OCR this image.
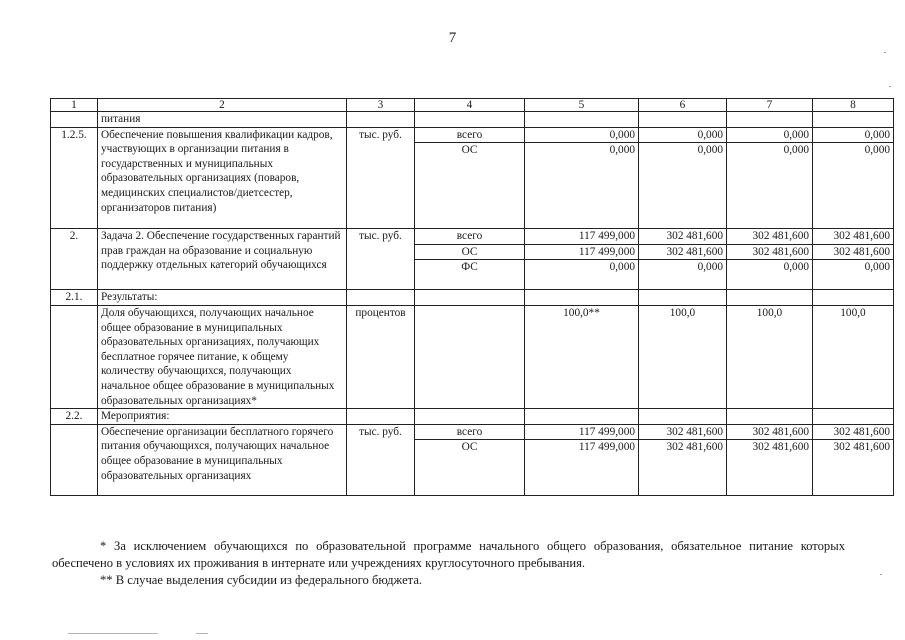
7
1	2	3	4	5	6	7	8
	питания						
1.2.5.	Обеспечение повышения квалификации кадров, участвующих в организации питания в государственных и муниципальных образовательных организациях (поваров, медицинских специалистов/диетсестер, организаторов питания)	тыс. руб.	всего	0,000	0,000	0,000	0,000
			ОС	0,000	0,000	0,000	0,000
2.	Задача 2. Обеспечение государственных гарантий прав граждан на образование и социальную поддержку отдельных категорий обучающихся	тыс. руб.	всего	117 499,000	302 481,600	302 481,600	302 481,600
			ОС	117 499,000	302 481,600	302 481,600	302 481,600
			ФС	0,000	0,000	0,000	0,000
2.1.	Результаты:						
	Доля обучающихся, получающих начальное общее образование в муниципальных образовательных организациях, получающих бесплатное горячее питание, к общему количеству обучающихся, получающих начальное общее образование в муниципальных образовательных организациях*	процентов		100,0**	100,0	100,0	100,0
2.2.	Мероприятия:						
	Обеспечение организации бесплатного горячего питания обучающихся, получающих начальное общее образование в муниципальных образовательных организациях	тыс. руб.	всего	117 499,000	302 481,600	302 481,600	302 481,600
			ОС	117 499,000	302 481,600	302 481,600	302 481,600

* За исключением обучающихся по образовательной программе начального общего образования, обязательное питание которых обеспечено в условиях их проживания в интернате или учреждениях круглосуточного пребывания.

** В случае выделения субсидии из федерального бюджета.
